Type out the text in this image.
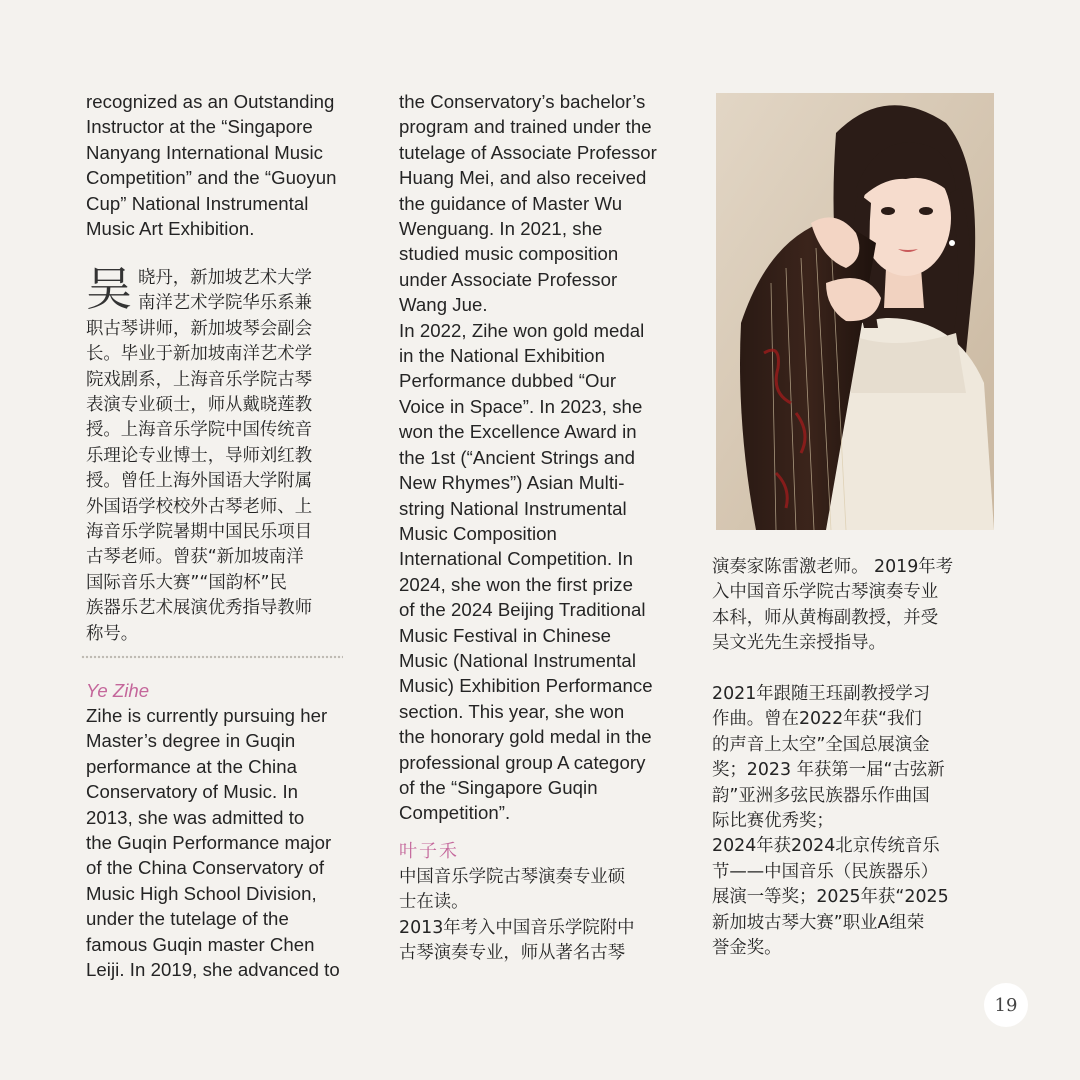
recognized as an Outstanding
Instructor at the “Singapore
Nanyang International Music
Competition” and the “Guoyun
Cup” National Instrumental
Music Art Exhibition.

吴 晓丹，新加坡艺术大学
南洋艺术学院华乐系兼
职古琴讲师，新加坡琴会副会
长。毕业于新加坡南洋艺术学
院戏剧系，上海音乐学院古琴
表演专业硕士，师从戴晓莲教
授。上海音乐学院中国传统音
乐理论专业博士，导师刘红教
授。曾任上海外国语大学附属
外国语学校校外古琴老师、上
海音乐学院暑期中国民乐项目
古琴老师。曾获“新加坡南洋
国际音乐大赛”“国韵杯”民
族器乐艺术展演优秀指导教师
称号。

Ye Zihe

Zihe is currently pursuing her
Master’s degree in Guqin
performance at the China
Conservatory of Music. In
2013, she was admitted to
the Guqin Performance major
of the China Conservatory of
Music High School Division,
under the tutelage of the
famous Guqin master Chen
Leiji. In 2019, she advanced to

the Conservatory’s bachelor’s
program and trained under the
tutelage of Associate Professor
Huang Mei, and also received
the guidance of Master Wu
Wenguang. In 2021, she
studied music composition
under Associate Professor
Wang Jue.
In 2022, Zihe won gold medal
in the National Exhibition
Performance dubbed “Our
Voice in Space”. In 2023, she
won the Excellence Award in
the 1st (“Ancient Strings and
New Rhymes”) Asian Multi-
string National Instrumental
Music Composition
International Competition. In
2024, she won the first prize
of the 2024 Beijing Traditional
Music Festival in Chinese
Music (National Instrumental
Music) Exhibition Performance
section. This year, she won
the honorary gold medal in the
professional group A category
of the “Singapore Guqin
Competition”.

叶子禾

中国音乐学院古琴演奏专业硕
士在读。
2013年考入中国音乐学院附中
古琴演奏专业，师从著名古琴

演奏家陈雷激老师。 2019年考
入中国音乐学院古琴演奏专业
本科，师从黄梅副教授，并受
吴文光先生亲授指导。

2021年跟随王珏副教授学习
作曲。曾在2022年获“我们
的声音上太空”全国总展演金
奖；2023 年获第一届“古弦新
韵”亚洲多弦民族器乐作曲国
际比赛优秀奖；
2024年获2024北京传统音乐
节——中国音乐（民族器乐）
展演一等奖；2025年获“2025
新加坡古琴大赛”职业A组荣
誉金奖。

19
